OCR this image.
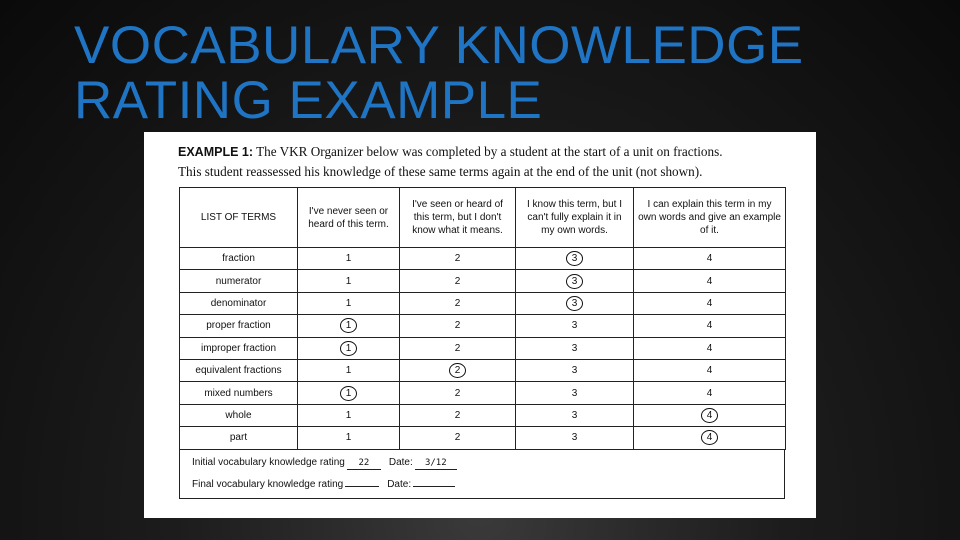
VOCABULARY KNOWLEDGE
RATING EXAMPLE
EXAMPLE 1: The VKR Organizer below was completed by a student at the start of a unit on fractions.
This student reassessed his knowledge of these same terms again at the end of the unit (not shown).
LIST OF TERMS	I've never seen or heard of this term.	I've seen or heard of this term, but I don't know what it means.	I know this term, but I can't fully explain it in my own words.	I can explain this term in my own words and give an example of it.
fraction	1	2	3	4
numerator	1	2	3	4
denominator	1	2	3	4
proper fraction	1	2	3	4
improper fraction	1	2	3	4
equivalent fractions	1	2	3	4
mixed numbers	1	2	3	4
whole	1	2	3	4
part	1	2	3	4
Initial vocabulary knowledge rating	22	Date:	3/12
Final vocabulary knowledge rating	Date:
